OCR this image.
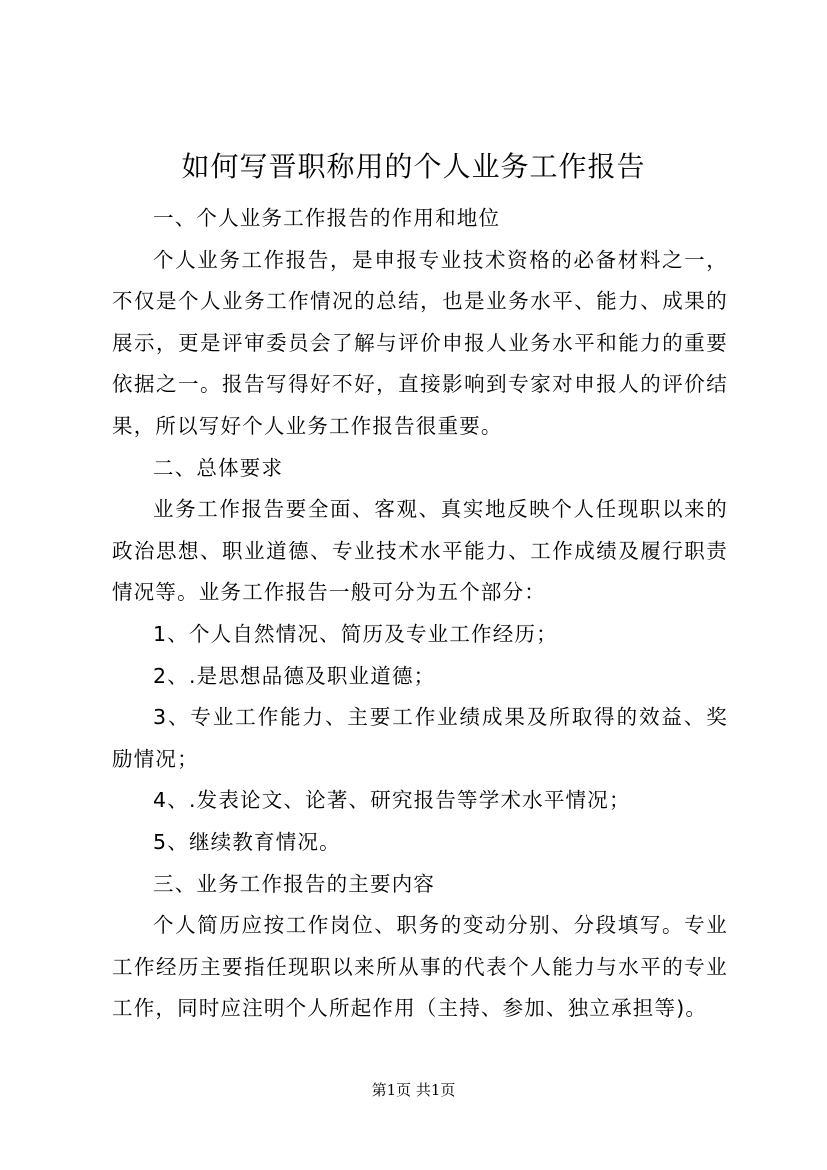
如何写晋职称用的个人业务工作报告

一、个人业务工作报告的作用和地位

个人业务工作报告，是申报专业技术资格的必备材料之一，不仅是个人业务工作情况的总结，也是业务水平、能力、成果的展示，更是评审委员会了解与评价申报人业务水平和能力的重要依据之一。报告写得好不好，直接影响到专家对申报人的评价结果，所以写好个人业务工作报告很重要。

二、总体要求

业务工作报告要全面、客观、真实地反映个人任现职以来的政治思想、职业道德、专业技术水平能力、工作成绩及履行职责情况等。业务工作报告一般可分为五个部分：

1、个人自然情况、简历及专业工作经历；

2、.是思想品德及职业道德；

3、专业工作能力、主要工作业绩成果及所取得的效益、奖励情况；

4、.发表论文、论著、研究报告等学术水平情况；

5、继续教育情况。

三、业务工作报告的主要内容

个人简历应按工作岗位、职务的变动分别、分段填写。专业工作经历主要指任现职以来所从事的代表个人能力与水平的专业工作，同时应注明个人所起作用（主持、参加、独立承担等)。

第1页 共1页
